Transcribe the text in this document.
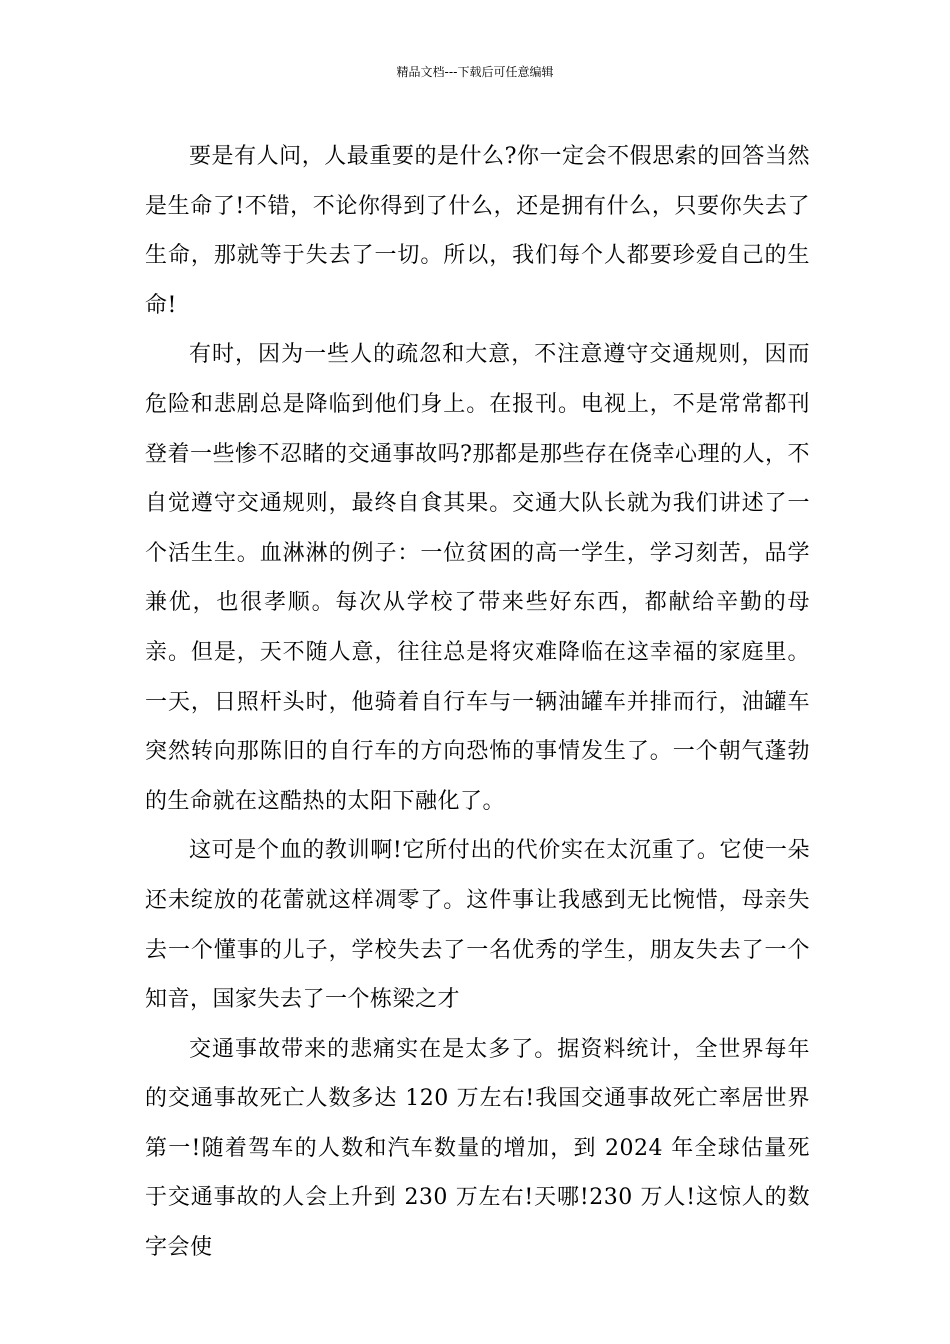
精品文档---下载后可任意编辑

要是有人问，人最重要的是什么?你一定会不假思索的回答当然是生命了!不错，不论你得到了什么，还是拥有什么，只要你失去了生命，那就等于失去了一切。所以，我们每个人都要珍爱自己的生命!

有时，因为一些人的疏忽和大意，不注意遵守交通规则，因而危险和悲剧总是降临到他们身上。在报刊。电视上，不是常常都刊登着一些惨不忍睹的交通事故吗?那都是那些存在侥幸心理的人，不自觉遵守交通规则，最终自食其果。交通大队长就为我们讲述了一个活生生。血淋淋的例子：一位贫困的高一学生，学习刻苦，品学兼优，也很孝顺。每次从学校了带来些好东西，都献给辛勤的母亲。但是，天不随人意，往往总是将灾难降临在这幸福的家庭里。一天，日照杆头时，他骑着自行车与一辆油罐车并排而行，油罐车突然转向那陈旧的自行车的方向恐怖的事情发生了。一个朝气蓬勃的生命就在这酷热的太阳下融化了。

这可是个血的教训啊!它所付出的代价实在太沉重了。它使一朵还未绽放的花蕾就这样凋零了。这件事让我感到无比惋惜，母亲失去一个懂事的儿子，学校失去了一名优秀的学生，朋友失去了一个知音，国家失去了一个栋梁之才

交通事故带来的悲痛实在是太多了。据资料统计，全世界每年的交通事故死亡人数多达 120 万左右!我国交通事故死亡率居世界第一!随着驾车的人数和汽车数量的增加，到 2024 年全球估量死于交通事故的人会上升到 230 万左右!天哪!230 万人!这惊人的数字会使
